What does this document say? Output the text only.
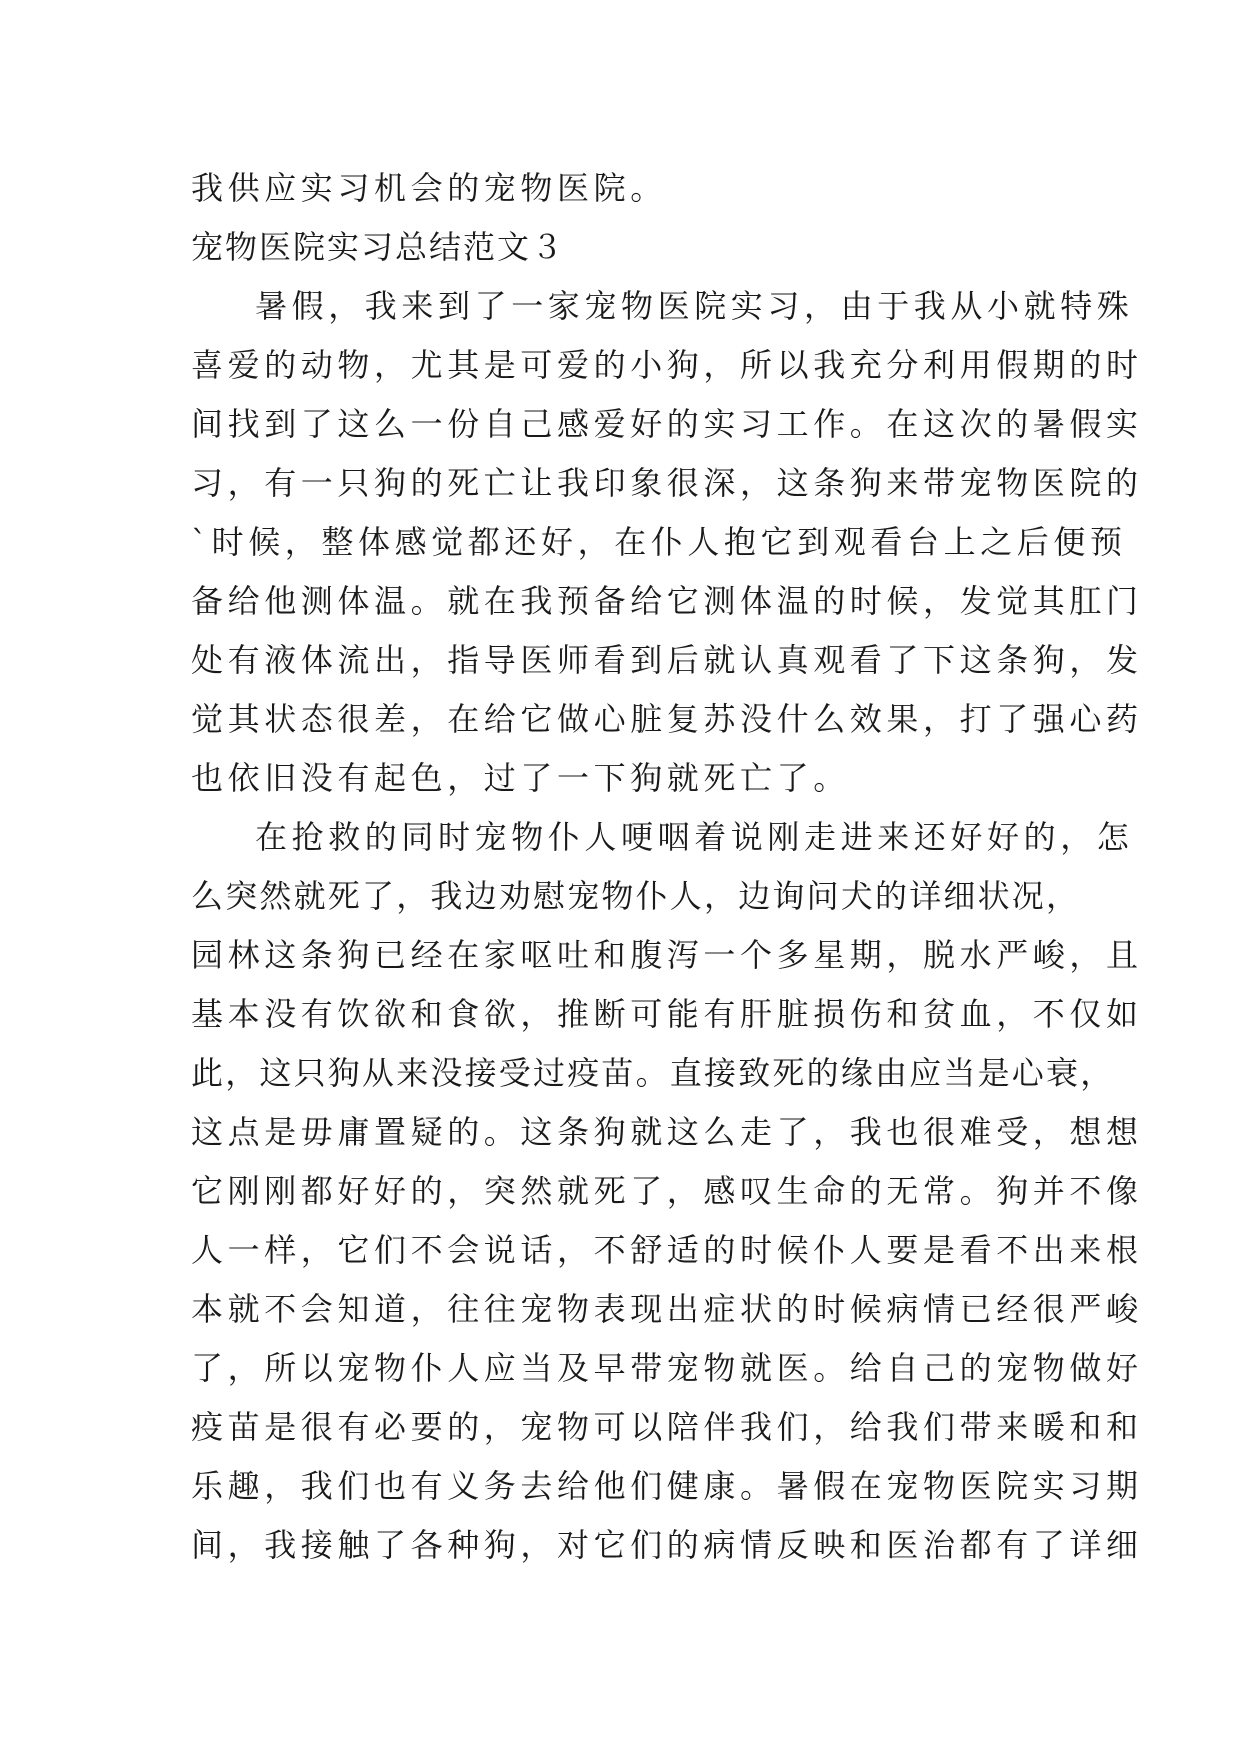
我供应实习机会的宠物医院。
宠物医院实习总结范文３
暑假，我来到了一家宠物医院实习，由于我从小就特殊
喜爱的动物，尤其是可爱的小狗，所以我充分利用假期的时
间找到了这么一份自己感爱好的实习工作。在这次的暑假实
习，有一只狗的死亡让我印象很深，这条狗来带宠物医院的
`时候，整体感觉都还好，在仆人抱它到观看台上之后便预
备给他测体温。就在我预备给它测体温的时候，发觉其肛门
处有液体流出，指导医师看到后就认真观看了下这条狗，发
觉其状态很差，在给它做心脏复苏没什么效果，打了强心药
也依旧没有起色，过了一下狗就死亡了。
在抢救的同时宠物仆人哽咽着说刚走进来还好好的，怎
么突然就死了，我边劝慰宠物仆人，边询问犬的详细状况，
园林这条狗已经在家呕吐和腹泻一个多星期，脱水严峻，且
基本没有饮欲和食欲，推断可能有肝脏损伤和贫血，不仅如
此，这只狗从来没接受过疫苗。直接致死的缘由应当是心衰，
这点是毋庸置疑的。这条狗就这么走了，我也很难受，想想
它刚刚都好好的，突然就死了，感叹生命的无常。狗并不像
人一样，它们不会说话，不舒适的时候仆人要是看不出来根
本就不会知道，往往宠物表现出症状的时候病情已经很严峻
了，所以宠物仆人应当及早带宠物就医。给自己的宠物做好
疫苗是很有必要的，宠物可以陪伴我们，给我们带来暖和和
乐趣，我们也有义务去给他们健康。暑假在宠物医院实习期
间，我接触了各种狗，对它们的病情反映和医治都有了详细
